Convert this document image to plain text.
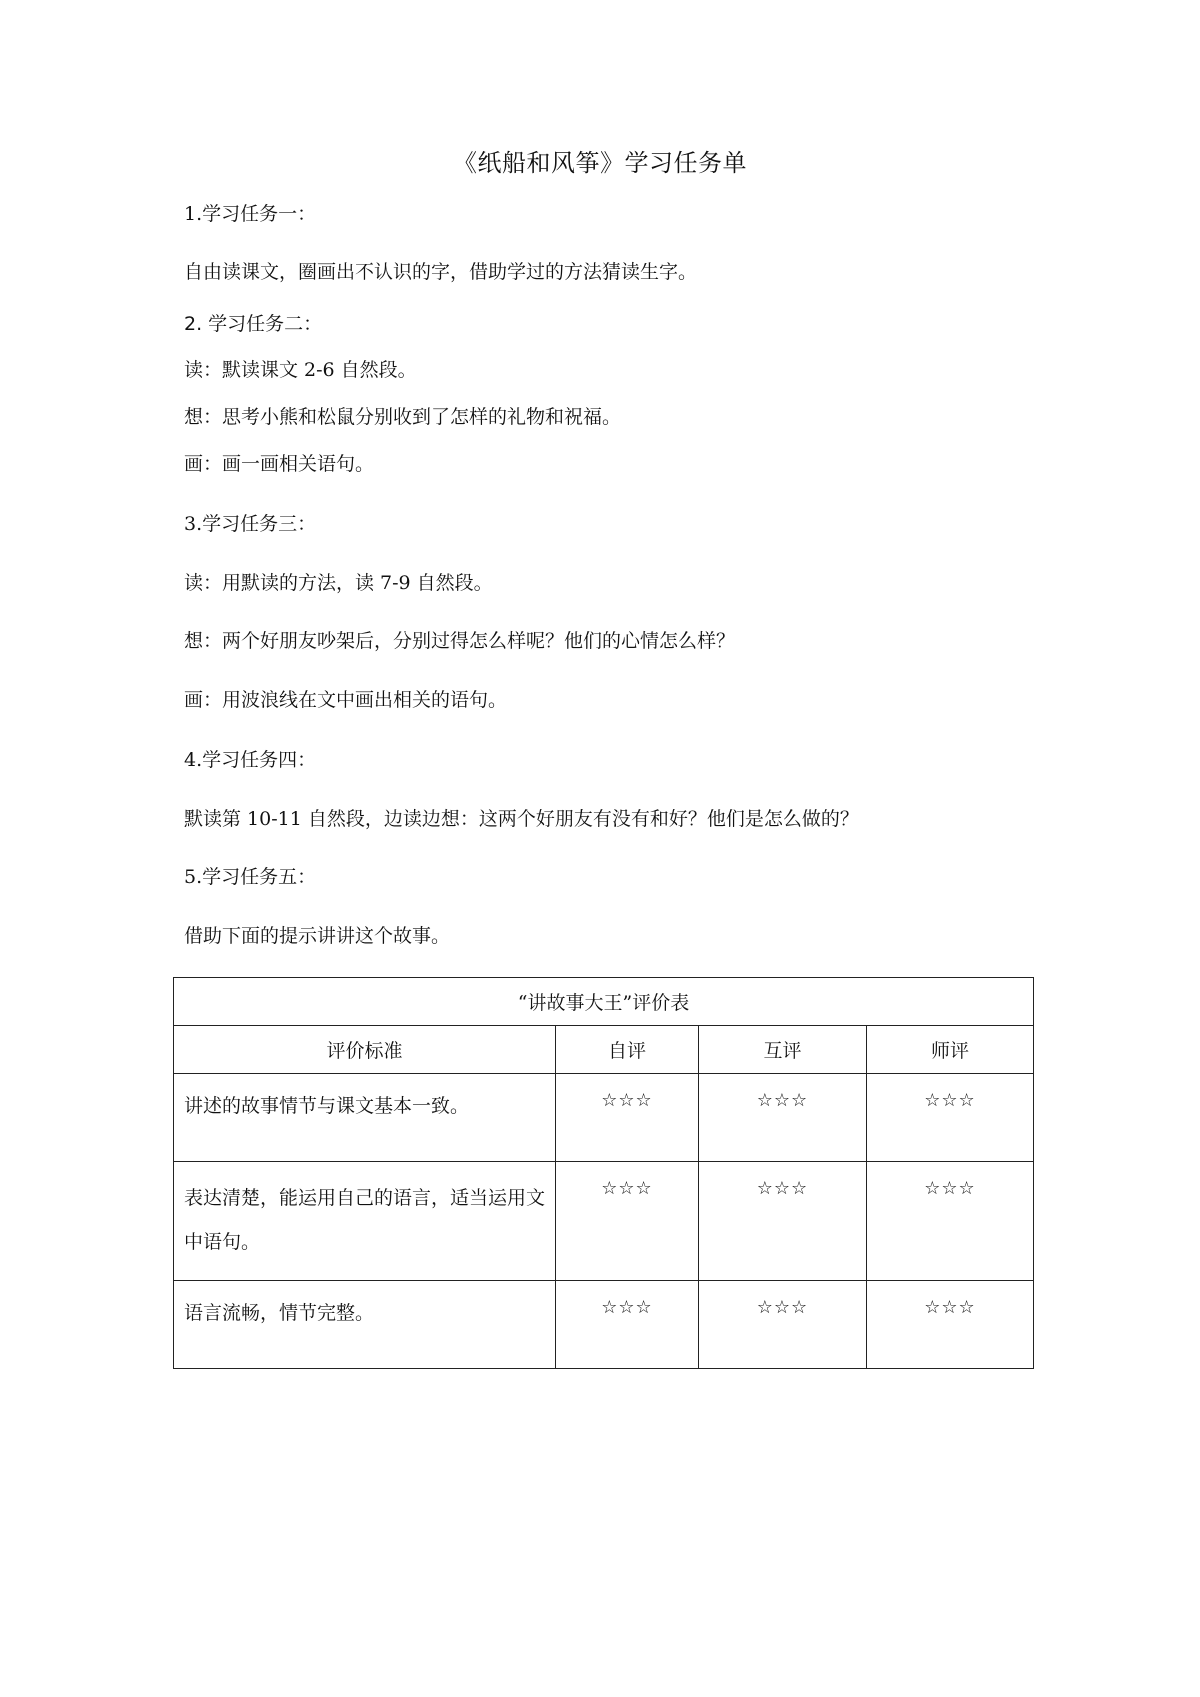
《纸船和风筝》学习任务单
1.学习任务一：
自由读课文，圈画出不认识的字，借助学过的方法猜读生字。
2. 学习任务二：
读：默读课文 2-6 自然段。
想：思考小熊和松鼠分别收到了怎样的礼物和祝福。
画：画一画相关语句。
3.学习任务三：
读：用默读的方法，读 7-9 自然段。
想：两个好朋友吵架后，分别过得怎么样呢？他们的心情怎么样？
画：用波浪线在文中画出相关的语句。
4.学习任务四：
默读第 10-11 自然段，边读边想：这两个好朋友有没有和好？他们是怎么做的？
5.学习任务五：
借助下面的提示讲讲这个故事。
“讲故事大王”评价表			
评价标准	自评	互评	师评
讲述的故事情节与课文基本一致。	☆☆☆	☆☆☆	☆☆☆
表达清楚，能运用自己的语言，适当运用文中语句。	☆☆☆	☆☆☆	☆☆☆
语言流畅，情节完整。	☆☆☆	☆☆☆	☆☆☆
